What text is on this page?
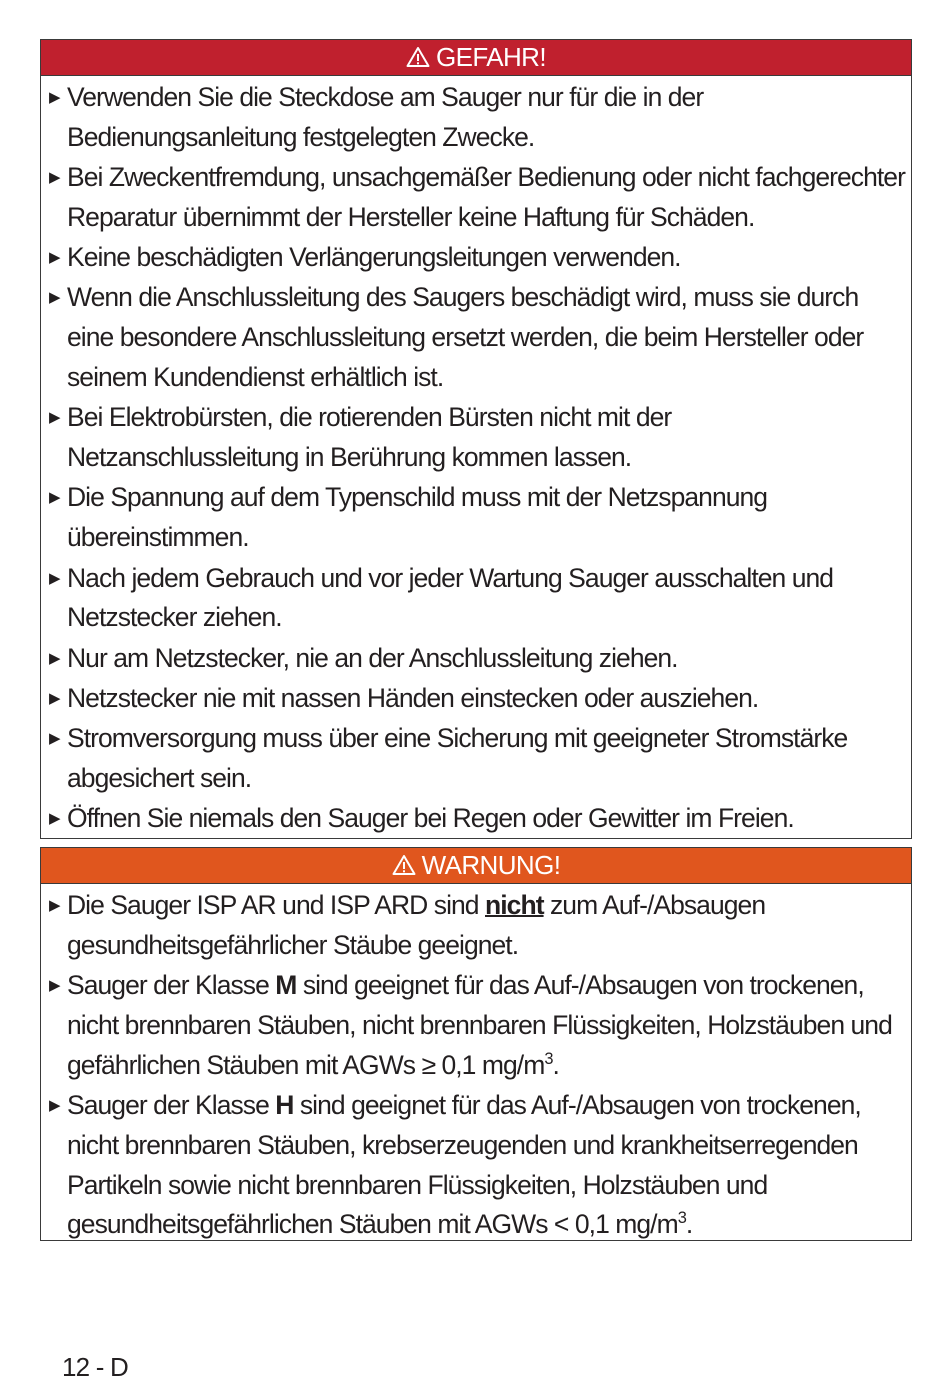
GEFAHR!
▶ Verwenden Sie die Steckdose am Sauger nur für die in der Bedienungsanleitung festgelegten Zwecke.
▶ Bei Zweckentfremdung, unsachgemäßer Bedienung oder nicht fachgerechter Reparatur übernimmt der Hersteller keine Haftung für Schäden.
▶ Keine beschädigten Verlängerungsleitungen verwenden.
▶ Wenn die Anschlussleitung des Saugers beschädigt wird, muss sie durch eine besondere Anschlussleitung ersetzt werden, die beim Hersteller oder seinem Kundendienst erhältlich ist.
▶ Bei Elektrobürsten, die rotierenden Bürsten nicht mit der Netzanschlussleitung in Berührung kommen lassen.
▶ Die Spannung auf dem Typenschild muss mit der Netzspannung übereinstimmen.
▶ Nach jedem Gebrauch und vor jeder Wartung Sauger ausschalten und Netzstecker ziehen.
▶ Nur am Netzstecker, nie an der Anschlussleitung ziehen.
▶ Netzstecker nie mit nassen Händen einstecken oder ausziehen.
▶ Stromversorgung muss über eine Sicherung mit geeigneter Stromstärke abgesichert sein.
▶ Öffnen Sie niemals den Sauger bei Regen oder Gewitter im Freien.
WARNUNG!
▶ Die Sauger ISP AR und ISP ARD sind nicht zum Auf-/Absaugen gesundheitsgefährlicher Stäube geeignet.
▶ Sauger der Klasse M sind geeignet für das Auf-/Absaugen von trockenen, nicht brennbaren Stäuben, nicht brennbaren Flüssigkeiten, Holzstäuben und gefährlichen Stäuben mit AGWs ≥ 0,1 $mg/m^3$.
▶ Sauger der Klasse H sind geeignet für das Auf-/Absaugen von trockenen, nicht brennbaren Stäuben, krebserzeugenden und krankheitserregenden Partikeln sowie nicht brennbaren Flüssigkeiten, Holzstäuben und gesundheitsgefährlichen Stäuben mit AGWs < 0,1 $mg/m^3$.
12 - D
